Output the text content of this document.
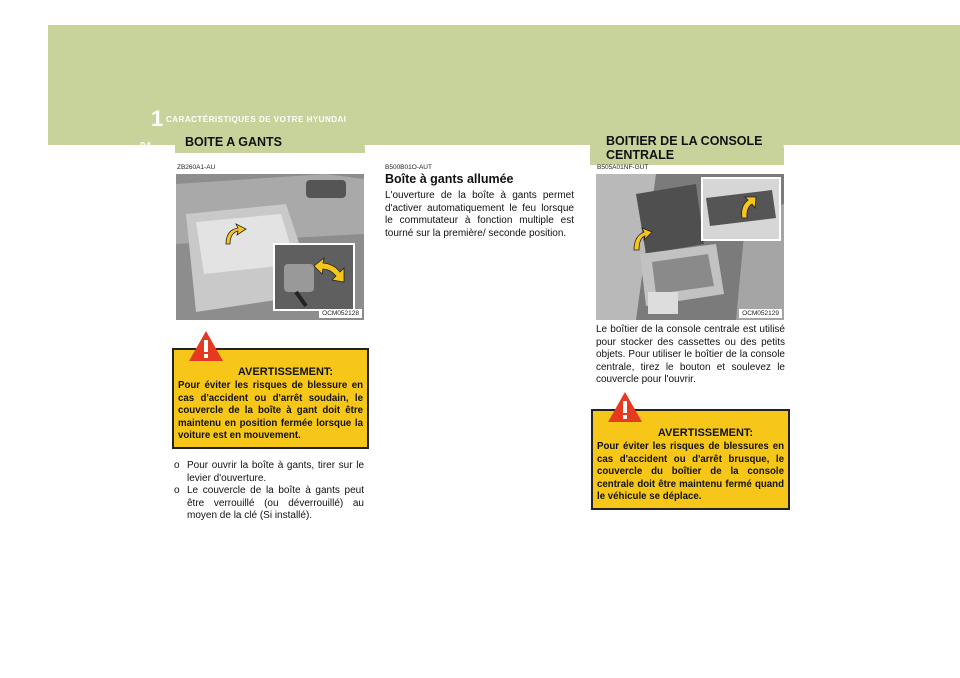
1 CARACTÉRISTIQUES DE VOTRE HYUNDAI
94	BOITE A GANTS
ZB260A1-AU
OCM052128
AVERTISSEMENT:
Pour éviter les risques de blessure en cas d'accident ou d'arrêt soudain, le couvercle de la boîte à gant doit être maintenu en position fermée lorsque la voiture est en mouvement.
o Pour ouvrir la boîte à gants, tirer sur le levier d'ouverture.
o Le couvercle de la boîte à gants peut être verrouillé (ou déverrouillé) au moyen de la clé (Si installé).
B500B01O-AUT
Boîte à gants allumée
L'ouverture de la boîte à gants permet d'activer automatiquement le feu lorsque le commutateur à fonction multiple est tourné sur la première/ seconde position.
BOITIER DE LA CONSOLE
CENTRALE
B505A01NF-GUT
OCM052129
Le boîtier de la console centrale est utilisé pour stocker des cassettes ou des petits objets. Pour utiliser le boîtier de la console centrale, tirez le bouton et soulevez le couvercle pour l'ouvrir.
AVERTISSEMENT:
Pour éviter les risques de blessures en cas d'accident ou d'arrêt brusque, le couvercle du boîtier de la console centrale doit être maintenu fermé quand le véhicule se déplace.
